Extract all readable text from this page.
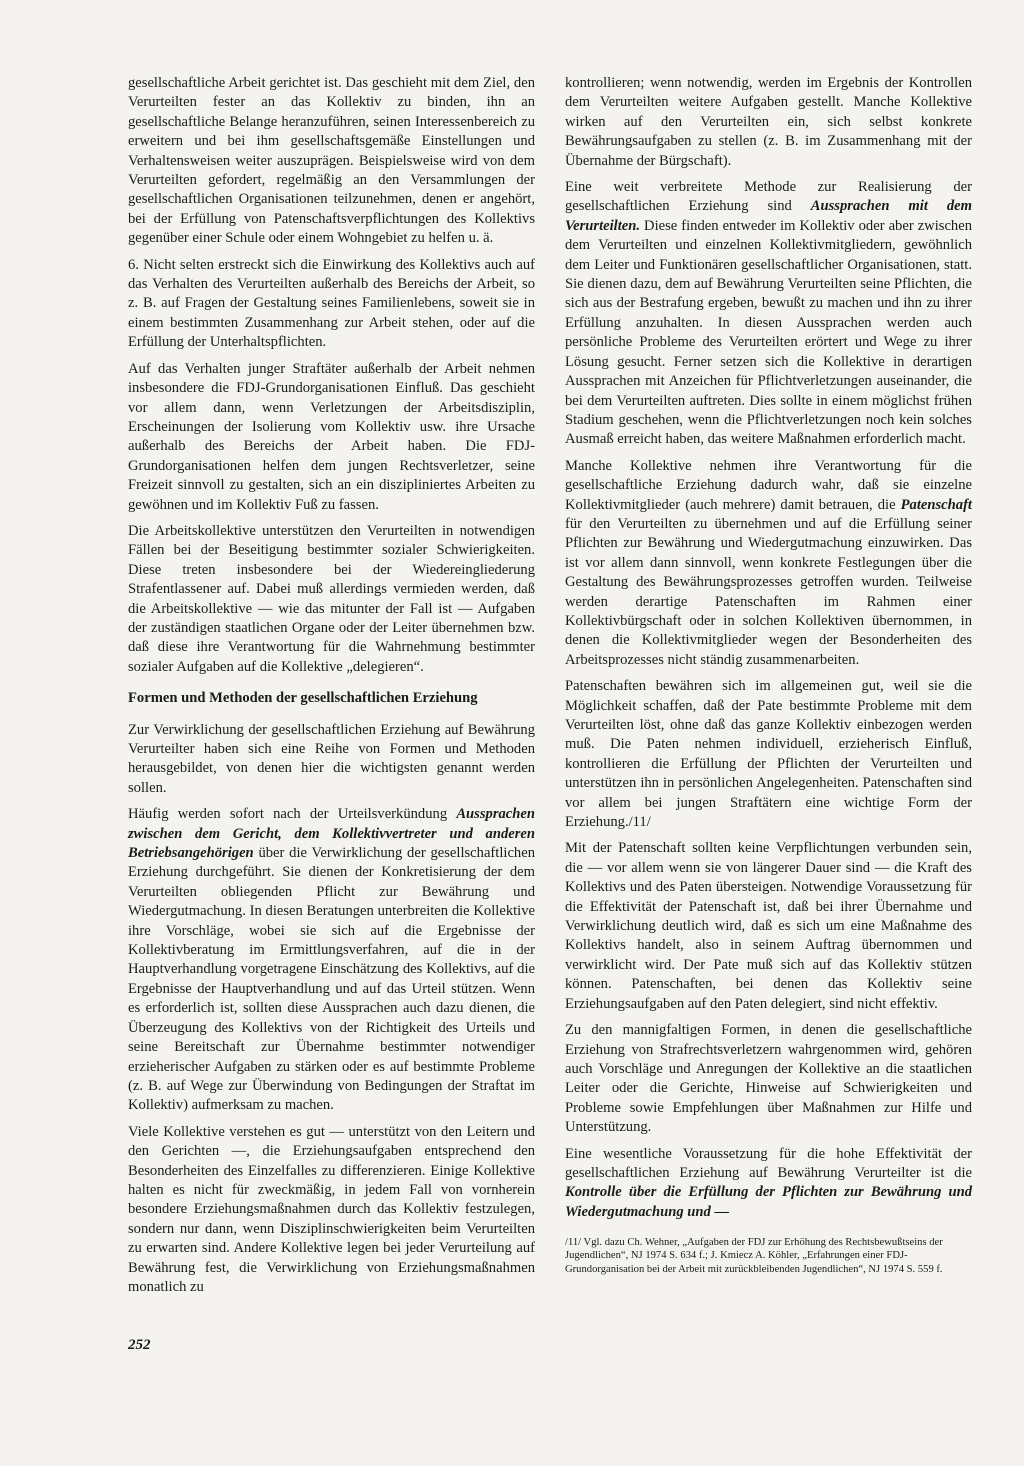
gesellschaftliche Arbeit gerichtet ist. Das geschieht mit dem Ziel, den Verurteilten fester an das Kollektiv zu binden, ihn an gesellschaftliche Belange heranzuführen, seinen Interessenbereich zu erweitern und bei ihm gesellschaftsgemäße Einstellungen und Verhaltensweisen weiter auszuprägen. Beispielsweise wird von dem Verurteilten gefordert, regelmäßig an den Versammlungen der gesellschaftlichen Organisationen teilzunehmen, denen er angehört, bei der Erfüllung von Patenschaftsverpflichtungen des Kollektivs gegenüber einer Schule oder einem Wohngebiet zu helfen u. ä.

6. Nicht selten erstreckt sich die Einwirkung des Kollektivs auch auf das Verhalten des Verurteilten außerhalb des Bereichs der Arbeit, so z. B. auf Fragen der Gestaltung seines Familienlebens, soweit sie in einem bestimmten Zusammenhang zur Arbeit stehen, oder auf die Erfüllung der Unterhaltspflichten.

Auf das Verhalten junger Straftäter außerhalb der Arbeit nehmen insbesondere die FDJ-Grundorganisationen Einfluß. Das geschieht vor allem dann, wenn Verletzungen der Arbeitsdisziplin, Erscheinungen der Isolierung vom Kollektiv usw. ihre Ursache außerhalb des Bereichs der Arbeit haben. Die FDJ-Grundorganisationen helfen dem jungen Rechtsverletzer, seine Freizeit sinnvoll zu gestalten, sich an ein diszipliniertes Arbeiten zu gewöhnen und im Kollektiv Fuß zu fassen.

Die Arbeitskollektive unterstützen den Verurteilten in notwendigen Fällen bei der Beseitigung bestimmter sozialer Schwierigkeiten. Diese treten insbesondere bei der Wiedereingliederung Strafentlassener auf. Dabei muß allerdings vermieden werden, daß die Arbeitskollektive — wie das mitunter der Fall ist — Aufgaben der zuständigen staatlichen Organe oder der Leiter übernehmen bzw. daß diese ihre Verantwortung für die Wahrnehmung bestimmter sozialer Aufgaben auf die Kollektive „delegieren“.

Formen und Methoden der gesellschaftlichen Erziehung

Zur Verwirklichung der gesellschaftlichen Erziehung auf Bewährung Verurteilter haben sich eine Reihe von Formen und Methoden herausgebildet, von denen hier die wichtigsten genannt werden sollen.

Häufig werden sofort nach der Urteilsverkündung Aussprachen zwischen dem Gericht, dem Kollektivvertreter und anderen Betriebsangehörigen über die Verwirklichung der gesellschaftlichen Erziehung durchgeführt. Sie dienen der Konkretisierung der dem Verurteilten obliegenden Pflicht zur Bewährung und Wiedergutmachung. In diesen Beratungen unterbreiten die Kollektive ihre Vorschläge, wobei sie sich auf die Ergebnisse der Kollektivberatung im Ermittlungsverfahren, auf die in der Hauptverhandlung vorgetragene Einschätzung des Kollektivs, auf die Ergebnisse der Hauptverhandlung und auf das Urteil stützen. Wenn es erforderlich ist, sollten diese Aussprachen auch dazu dienen, die Überzeugung des Kollektivs von der Richtigkeit des Urteils und seine Bereitschaft zur Übernahme bestimmter notwendiger erzieherischer Aufgaben zu stärken oder es auf bestimmte Probleme (z. B. auf Wege zur Überwindung von Bedingungen der Straftat im Kollektiv) aufmerksam zu machen.

Viele Kollektive verstehen es gut — unterstützt von den Leitern und den Gerichten —, die Erziehungsaufgaben entsprechend den Besonderheiten des Einzelfalles zu differenzieren. Einige Kollektive halten es nicht für zweckmäßig, in jedem Fall von vornherein besondere Erziehungsmaßnahmen durch das Kollektiv festzulegen, sondern nur dann, wenn Disziplinschwierigkeiten beim Verurteilten zu erwarten sind. Andere Kollektive legen bei jeder Verurteilung auf Bewährung fest, die Verwirklichung von Erziehungsmaßnahmen monatlich zu

kontrollieren; wenn notwendig, werden im Ergebnis der Kontrollen dem Verurteilten weitere Aufgaben gestellt. Manche Kollektive wirken auf den Verurteilten ein, sich selbst konkrete Bewährungsaufgaben zu stellen (z. B. im Zusammenhang mit der Übernahme der Bürgschaft).

Eine weit verbreitete Methode zur Realisierung der gesellschaftlichen Erziehung sind Aussprachen mit dem Verurteilten. Diese finden entweder im Kollektiv oder aber zwischen dem Verurteilten und einzelnen Kollektivmitgliedern, gewöhnlich dem Leiter und Funktionären gesellschaftlicher Organisationen, statt. Sie dienen dazu, dem auf Bewährung Verurteilten seine Pflichten, die sich aus der Bestrafung ergeben, bewußt zu machen und ihn zu ihrer Erfüllung anzuhalten. In diesen Aussprachen werden auch persönliche Probleme des Verurteilten erörtert und Wege zu ihrer Lösung gesucht. Ferner setzen sich die Kollektive in derartigen Aussprachen mit Anzeichen für Pflichtverletzungen auseinander, die bei dem Verurteilten auftreten. Dies sollte in einem möglichst frühen Stadium geschehen, wenn die Pflichtverletzungen noch kein solches Ausmaß erreicht haben, das weitere Maßnahmen erforderlich macht.

Manche Kollektive nehmen ihre Verantwortung für die gesellschaftliche Erziehung dadurch wahr, daß sie einzelne Kollektivmitglieder (auch mehrere) damit betrauen, die Patenschaft für den Verurteilten zu übernehmen und auf die Erfüllung seiner Pflichten zur Bewährung und Wiedergutmachung einzuwirken. Das ist vor allem dann sinnvoll, wenn konkrete Festlegungen über die Gestaltung des Bewährungsprozesses getroffen wurden. Teilweise werden derartige Patenschaften im Rahmen einer Kollektivbürgschaft oder in solchen Kollektiven übernommen, in denen die Kollektivmitglieder wegen der Besonderheiten des Arbeitsprozesses nicht ständig zusammenarbeiten.

Patenschaften bewähren sich im allgemeinen gut, weil sie die Möglichkeit schaffen, daß der Pate bestimmte Probleme mit dem Verurteilten löst, ohne daß das ganze Kollektiv einbezogen werden muß. Die Paten nehmen individuell, erzieherisch Einfluß, kontrollieren die Erfüllung der Pflichten der Verurteilten und unterstützen ihn in persönlichen Angelegenheiten. Patenschaften sind vor allem bei jungen Straftätern eine wichtige Form der Erziehung./11/

Mit der Patenschaft sollten keine Verpflichtungen verbunden sein, die — vor allem wenn sie von längerer Dauer sind — die Kraft des Kollektivs und des Paten übersteigen. Notwendige Voraussetzung für die Effektivität der Patenschaft ist, daß bei ihrer Übernahme und Verwirklichung deutlich wird, daß es sich um eine Maßnahme des Kollektivs handelt, also in seinem Auftrag übernommen und verwirklicht wird. Der Pate muß sich auf das Kollektiv stützen können. Patenschaften, bei denen das Kollektiv seine Erziehungsaufgaben auf den Paten delegiert, sind nicht effektiv.

Zu den mannigfaltigen Formen, in denen die gesellschaftliche Erziehung von Strafrechtsverletzern wahrgenommen wird, gehören auch Vorschläge und Anregungen der Kollektive an die staatlichen Leiter oder die Gerichte, Hinweise auf Schwierigkeiten und Probleme sowie Empfehlungen über Maßnahmen zur Hilfe und Unterstützung.

Eine wesentliche Voraussetzung für die hohe Effektivität der gesellschaftlichen Erziehung auf Bewährung Verurteilter ist die Kontrolle über die Erfüllung der Pflichten zur Bewährung und Wiedergutmachung und —

/11/ Vgl. dazu Ch. Wehner, „Aufgaben der FDJ zur Erhöhung des Rechtsbewußtseins der Jugendlichen“, NJ 1974 S. 634 f.; J. Kmiecz A. Köhler, „Erfahrungen einer FDJ-Grundorganisation bei der Arbeit mit zurückbleibenden Jugendlichen“, NJ 1974 S. 559 f.

252
